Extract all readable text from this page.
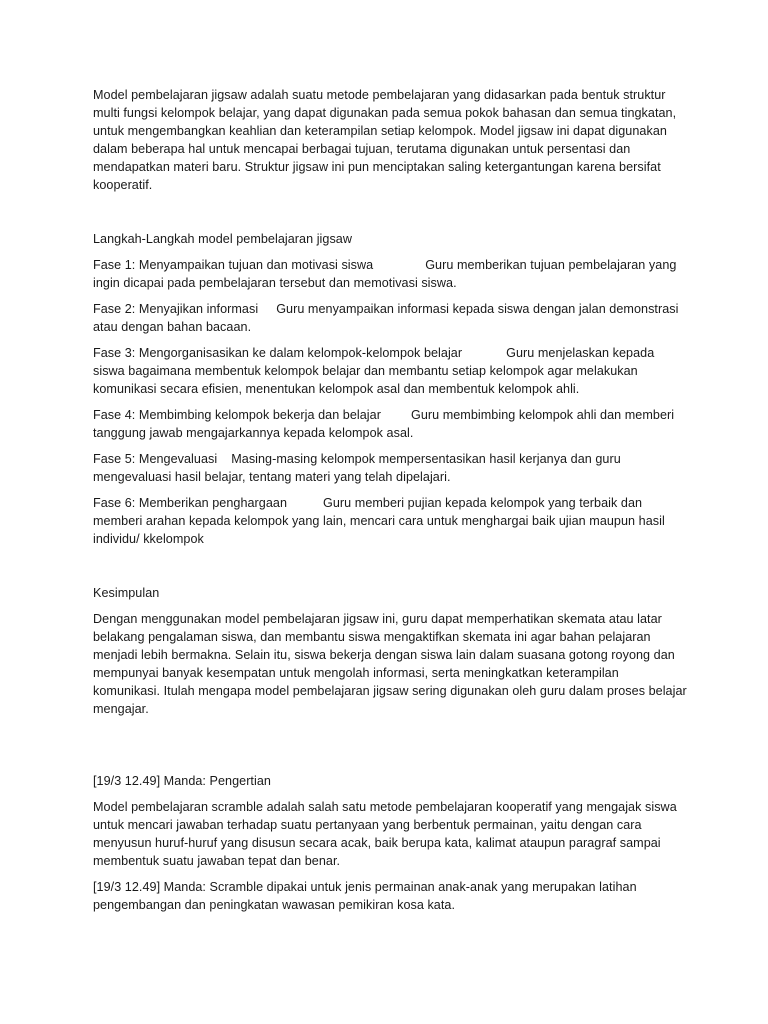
Model pembelajaran jigsaw adalah suatu metode pembelajaran yang didasarkan pada bentuk struktur multi fungsi kelompok belajar, yang dapat digunakan pada semua pokok bahasan dan semua tingkatan, untuk mengembangkan keahlian dan keterampilan setiap kelompok. Model jigsaw ini dapat digunakan dalam beberapa hal untuk mencapai berbagai tujuan, terutama digunakan untuk persentasi dan mendapatkan materi baru. Struktur jigsaw ini pun menciptakan saling ketergantungan karena bersifat kooperatif.

Langkah-Langkah model pembelajaran jigsaw

Fase 1: Menyampaikan tujuan dan motivasi siswa	Guru memberikan tujuan pembelajaran yang ingin dicapai pada pembelajaran tersebut dan memotivasi siswa.

Fase 2: Menyajikan informasi Guru menyampaikan informasi kepada siswa dengan jalan demonstrasi atau dengan bahan bacaan.

Fase 3: Mengorganisasikan ke dalam kelompok-kelompok belajar	Guru menjelaskan kepada siswa bagaimana membentuk kelompok belajar dan membantu setiap kelompok agar melakukan komunikasi secara efisien, menentukan kelompok asal dan membentuk kelompok ahli.

Fase 4: Membimbing kelompok bekerja dan belajar Guru membimbing kelompok ahli dan memberi tanggung jawab mengajarkannya kepada kelompok asal.

Fase 5: Mengevaluasi Masing-masing kelompok mempersentasikan hasil kerjanya dan guru mengevaluasi hasil belajar, tentang materi yang telah dipelajari.

Fase 6: Memberikan penghargaan	Guru memberi pujian kepada kelompok yang terbaik dan memberi arahan kepada kelompok yang lain, mencari cara untuk menghargai baik ujian maupun hasil individu/ kkelompok

Kesimpulan

Dengan menggunakan model pembelajaran jigsaw ini, guru dapat memperhatikan skemata atau latar belakang pengalaman siswa, dan membantu siswa mengaktifkan skemata ini agar bahan pelajaran menjadi lebih bermakna. Selain itu, siswa bekerja dengan siswa lain dalam suasana gotong royong dan mempunyai banyak kesempatan untuk mengolah informasi, serta meningkatkan keterampilan komunikasi. Itulah mengapa model pembelajaran jigsaw sering digunakan oleh guru dalam proses belajar mengajar.

[19/3 12.49] Manda: Pengertian

Model pembelajaran scramble adalah salah satu metode pembelajaran kooperatif yang mengajak siswa untuk mencari jawaban terhadap suatu pertanyaan yang berbentuk permainan, yaitu dengan cara menyusun huruf-huruf yang disusun secara acak, baik berupa kata, kalimat ataupun paragraf sampai membentuk suatu jawaban tepat dan benar.

[19/3 12.49] Manda: Scramble dipakai untuk jenis permainan anak-anak yang merupakan latihan pengembangan dan peningkatan wawasan pemikiran kosa kata.
